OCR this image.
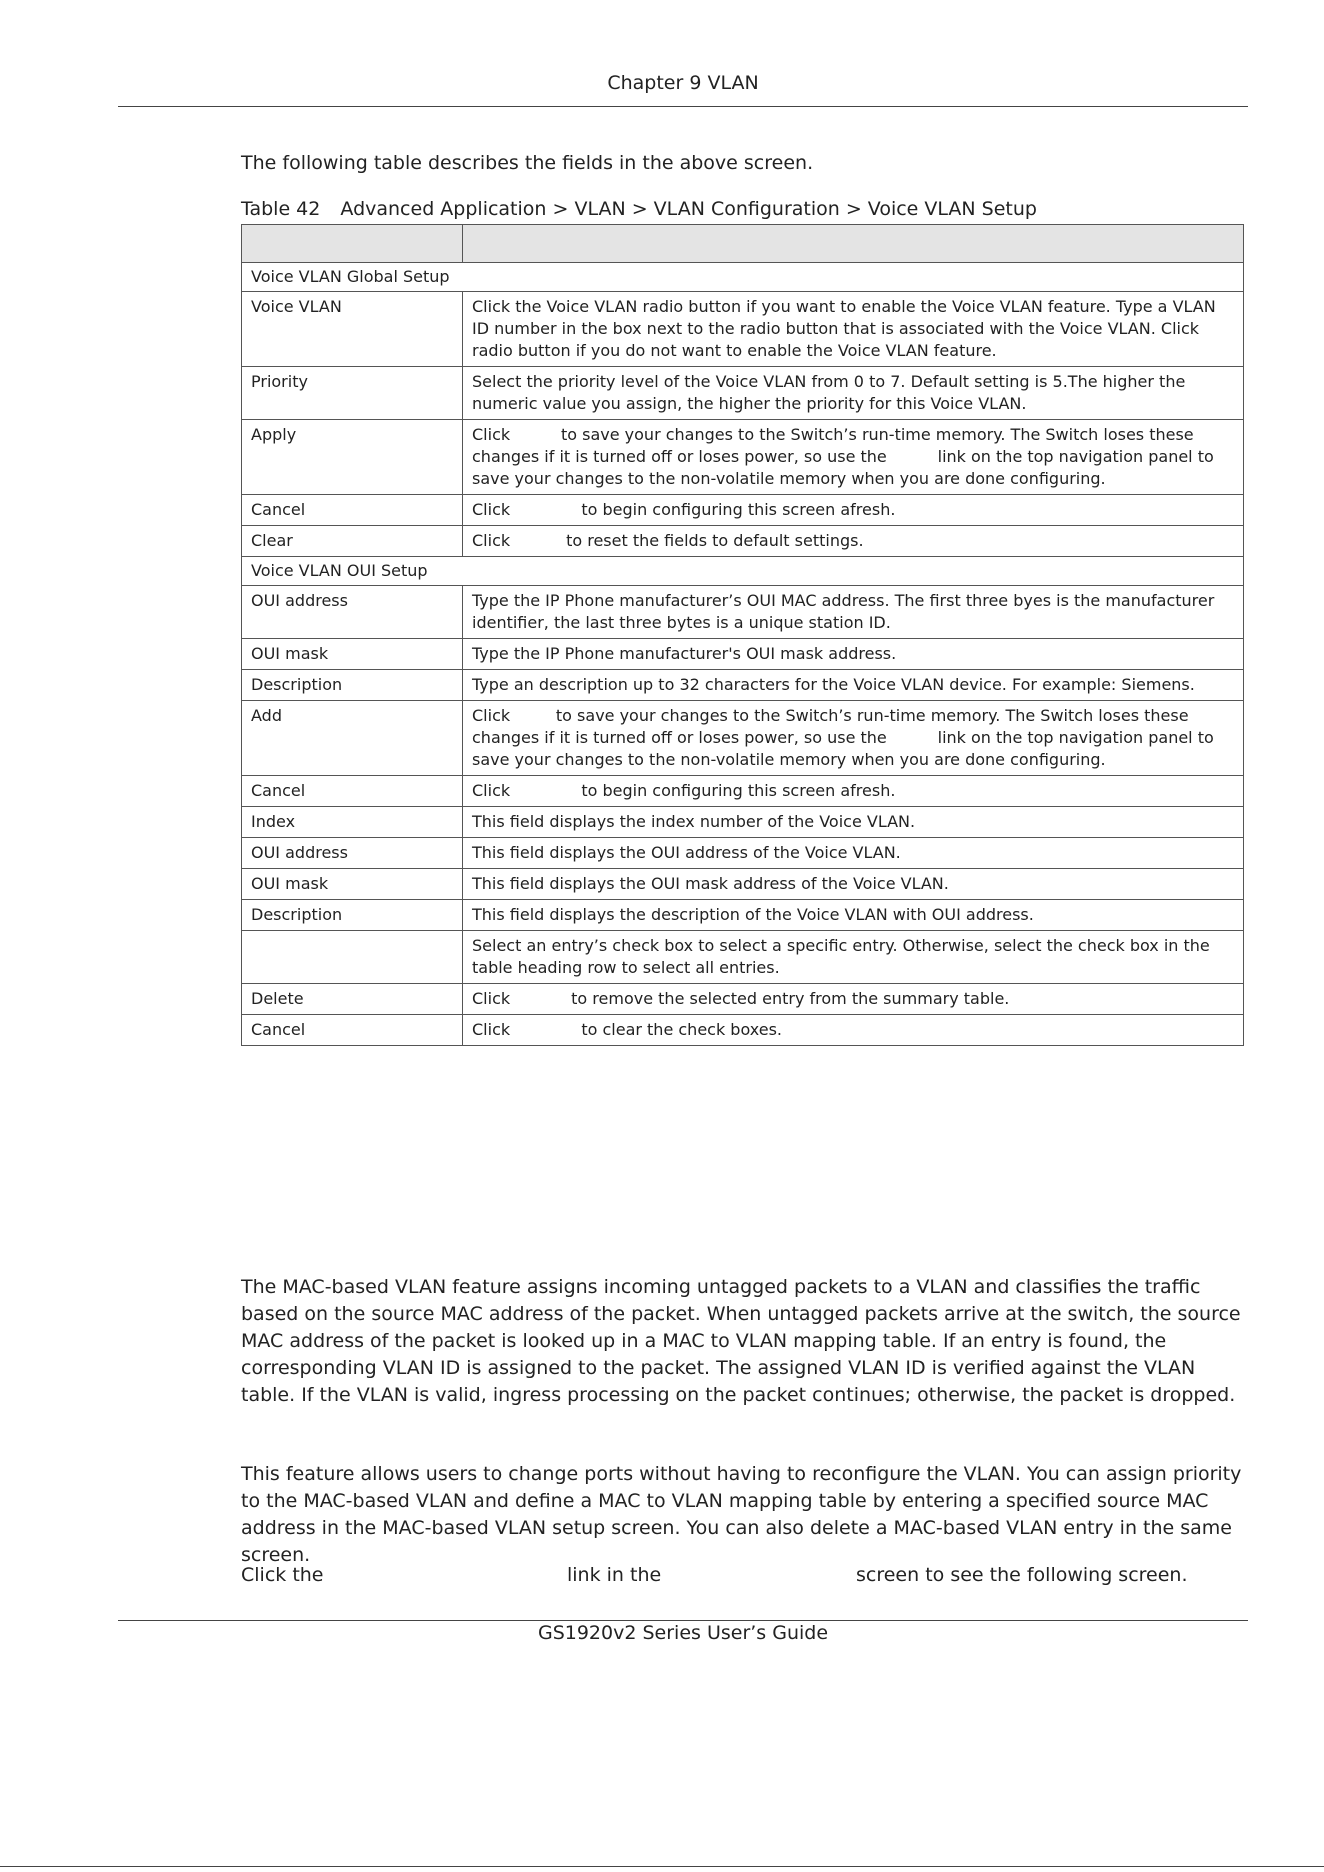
Chapter 9 VLAN
The following table describes the fields in the above screen.
Table 42 Advanced Application > VLAN > VLAN Configuration > Voice VLAN Setup

Voice VLAN Global Setup	
Voice VLAN	Click the Voice VLAN radio button if you want to enable the Voice VLAN feature. Type a VLAN ID number in the box next to the radio button that is associated with the Voice VLAN. Click           radio button if you do not want to enable the Voice VLAN feature.
Priority	Select the priority level of the Voice VLAN from 0 to 7. Default setting is 5.The higher the numeric value you assign, the higher the priority for this Voice VLAN.
Apply	Click          to save your changes to the Switch’s run-time memory. The Switch loses these changes if it is turned off or loses power, so use the          link on the top navigation panel to save your changes to the non-volatile memory when you are done configuring.
Cancel	Click              to begin configuring this screen afresh.
Clear	Click           to reset the fields to default settings.
Voice VLAN OUI Setup	
OUI address	Type the IP Phone manufacturer’s OUI MAC address. The first three byes is the manufacturer identifier, the last three bytes is a unique station ID.
OUI mask	Type the IP Phone manufacturer's OUI mask address.
Description	Type an description up to 32 characters for the Voice VLAN device. For example: Siemens.
Add	Click         to save your changes to the Switch’s run-time memory. The Switch loses these changes if it is turned off or loses power, so use the          link on the top navigation panel to save your changes to the non-volatile memory when you are done configuring.
Cancel	Click              to begin configuring this screen afresh.
Index	This field displays the index number of the Voice VLAN.
OUI address	This field displays the OUI address of the Voice VLAN.
OUI mask	This field displays the OUI mask address of the Voice VLAN.
Description	This field displays the description of the Voice VLAN with OUI address.
	Select an entry’s check box to select a specific entry. Otherwise, select the check box in the table heading row to select all entries.
Delete	Click            to remove the selected entry from the summary table.
Cancel	Click              to clear the check boxes.

The MAC-based VLAN feature assigns incoming untagged packets to a VLAN and classifies the traffic based on the source MAC address of the packet. When untagged packets arrive at the switch, the source MAC address of the packet is looked up in a MAC to VLAN mapping table. If an entry is found, the corresponding VLAN ID is assigned to the packet. The assigned VLAN ID is verified against the VLAN table. If the VLAN is valid, ingress processing on the packet continues; otherwise, the packet is dropped.

This feature allows users to change ports without having to reconfigure the VLAN. You can assign priority to the MAC-based VLAN and define a MAC to VLAN mapping table by entering a specified source MAC address in the MAC-based VLAN setup screen. You can also delete a MAC-based VLAN entry in the same screen.

Click the	link in the	screen to see the following screen.
GS1920v2 Series User’s Guide
